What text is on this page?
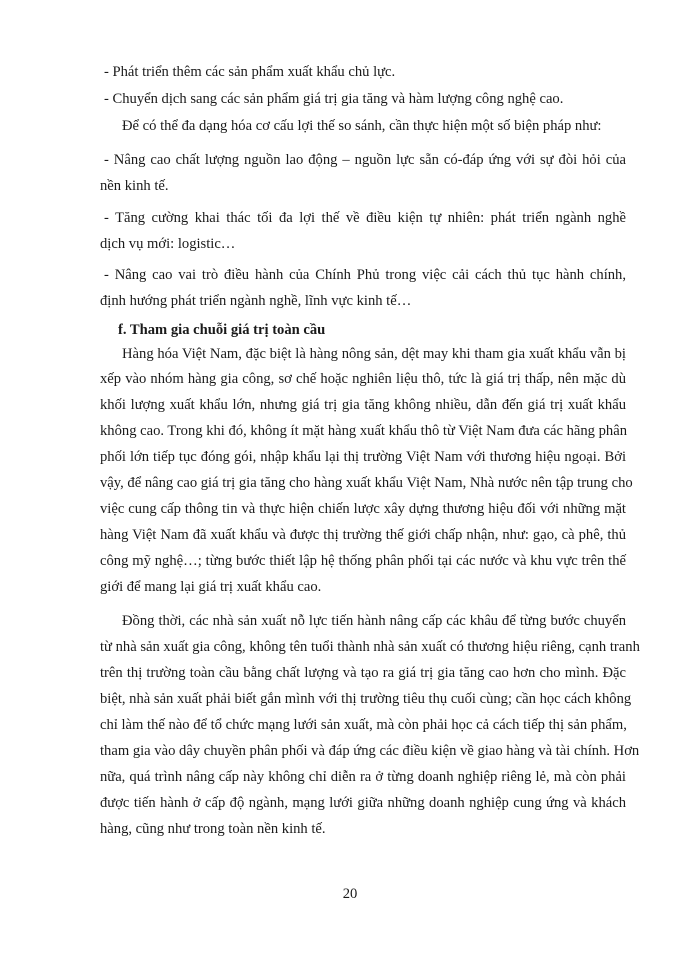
- Phát triển thêm các sản phẩm xuất khẩu chủ lực.
- Chuyển dịch sang các sản phẩm giá trị gia tăng và hàm lượng công nghệ cao.
Để có thể đa dạng hóa cơ cấu lợi thế so sánh, cần thực hiện một số biện pháp như:
- Nâng cao chất lượng nguồn lao động – nguồn lực sẵn có-đáp ứng với sự đòi hỏi của
nền kinh tế.
- Tăng cường khai thác tối đa lợi thế về điều kiện tự nhiên: phát triển ngành nghề
dịch vụ mới: logistic…
- Nâng cao vai trò điều hành của Chính Phủ trong việc cải cách thủ tục hành chính,
định hướng phát triển ngành nghề, lĩnh vực kinh tế…
f. Tham gia chuỗi giá trị toàn cầu
Hàng hóa Việt Nam, đặc biệt là hàng nông sản, dệt may khi tham gia xuất khẩu vẫn bị
xếp vào nhóm hàng gia công, sơ chế hoặc nghiên liệu thô, tức là giá trị thấp, nên mặc dù
khối lượng xuất khẩu lớn, nhưng giá trị gia tăng không nhiều, dẫn đến giá trị xuất khẩu
không cao. Trong khi đó, không ít mặt hàng xuất khẩu thô từ Việt Nam đưa các hãng phân
phối lớn tiếp tục đóng gói, nhập khẩu lại thị trường Việt Nam với thương hiệu ngoại. Bởi
vậy, để nâng cao giá trị gia tăng cho hàng xuất khẩu Việt Nam, Nhà nước nên tập trung cho
việc cung cấp thông tin và thực hiện chiến lược xây dựng thương hiệu đối với những mặt
hàng Việt Nam đã xuất khẩu và được thị trường thế giới chấp nhận, như: gạo, cà phê, thủ
công mỹ nghệ…; từng bước thiết lập hệ thống phân phối tại các nước và khu vực trên thế
giới để mang lại giá trị xuất khẩu cao.
Đồng thời, các nhà sản xuất nỗ lực tiến hành nâng cấp các khâu để từng bước chuyển
từ nhà sản xuất gia công, không tên tuổi thành nhà sản xuất có thương hiệu riêng, cạnh tranh
trên thị trường toàn cầu bằng chất lượng và tạo ra giá trị gia tăng cao hơn cho mình. Đặc
biệt, nhà sản xuất phải biết gắn mình với thị trường tiêu thụ cuối cùng; cần học cách không
chỉ làm thế nào để tổ chức mạng lưới sản xuất, mà còn phải học cả cách tiếp thị sản phẩm,
tham gia vào dây chuyền phân phối và đáp ứng các điều kiện về giao hàng và tài chính. Hơn
nữa, quá trình nâng cấp này không chỉ diễn ra ở từng doanh nghiệp riêng lẻ, mà còn phải
được tiến hành ở cấp độ ngành, mạng lưới giữa những doanh nghiệp cung ứng và khách
hàng, cũng như trong toàn nền kinh tế.
20
